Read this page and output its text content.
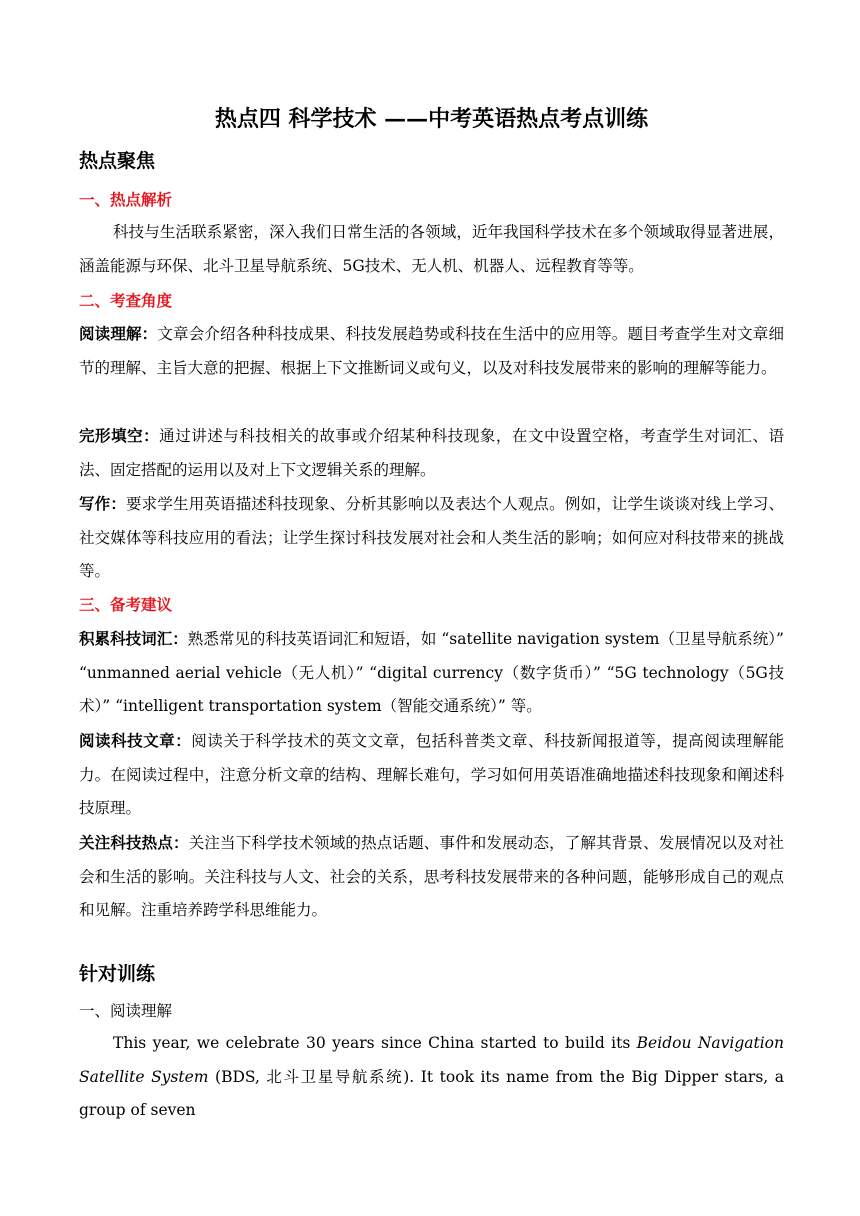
热点四 科学技术 ——中考英语热点考点训练
热点聚焦
一、热点解析
科技与生活联系紧密，深入我们日常生活的各领域，近年我国科学技术在多个领域取得显著进展，涵盖能源与环保、北斗卫星导航系统、5G技术、无人机、机器人、远程教育等等。
二、考查角度
阅读理解：文章会介绍各种科技成果、科技发展趋势或科技在生活中的应用等。题目考查学生对文章细节的理解、主旨大意的把握、根据上下文推断词义或句义，以及对科技发展带来的影响的理解等能力。
完形填空：通过讲述与科技相关的故事或介绍某种科技现象，在文中设置空格，考查学生对词汇、语法、固定搭配的运用以及对上下文逻辑关系的理解。
写作：要求学生用英语描述科技现象、分析其影响以及表达个人观点。例如，让学生谈谈对线上学习、社交媒体等科技应用的看法；让学生探讨科技发展对社会和人类生活的影响；如何应对科技带来的挑战等。
三、备考建议
积累科技词汇：熟悉常见的科技英语词汇和短语，如 “satellite navigation system（卫星导航系统）” “unmanned aerial vehicle（无人机）” “digital currency（数字货币）” “5G technology（5G技术）” “intelligent transportation system（智能交通系统）” 等。
阅读科技文章：阅读关于科学技术的英文文章，包括科普类文章、科技新闻报道等，提高阅读理解能力。在阅读过程中，注意分析文章的结构、理解长难句，学习如何用英语准确地描述科技现象和阐述科技原理。
关注科技热点：关注当下科学技术领域的热点话题、事件和发展动态，了解其背景、发展情况以及对社会和生活的影响。关注科技与人文、社会的关系，思考科技发展带来的各种问题，能够形成自己的观点和见解。注重培养跨学科思维能力。
针对训练
一、阅读理解
This year, we celebrate 30 years since China started to build its Beidou Navigation Satellite System (BDS, 北斗卫星导航系统). It took its name from the Big Dipper stars, a group of seven
